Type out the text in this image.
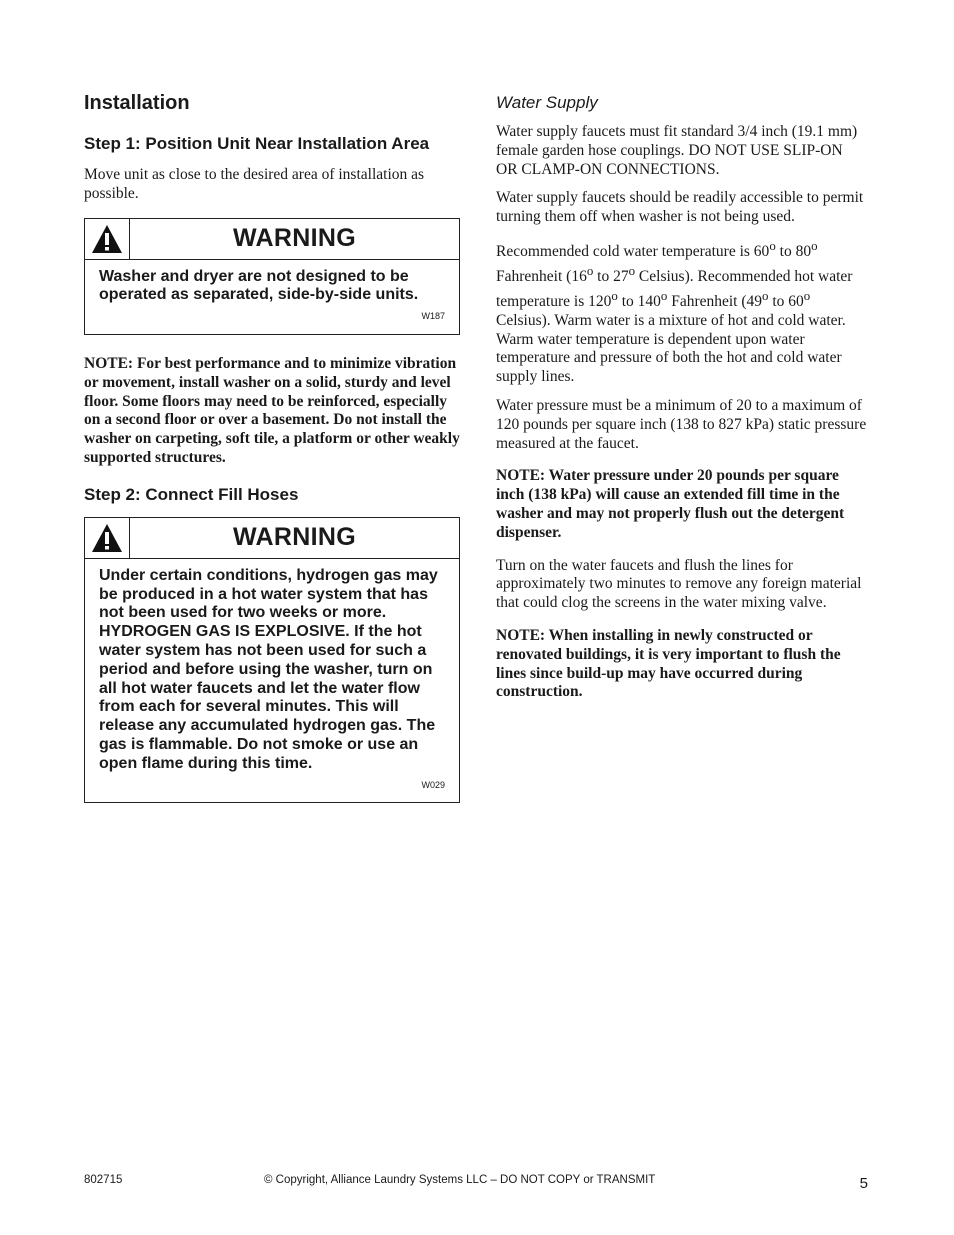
Installation
Step 1: Position Unit Near Installation Area

Move unit as close to the desired area of installation as possible.

WARNING
Washer and dryer are not designed to be operated as separated, side-by-side units.
W187

NOTE: For best performance and to minimize vibration or movement, install washer on a solid, sturdy and level floor. Some floors may need to be reinforced, especially on a second floor or over a basement. Do not install the washer on carpeting, soft tile, a platform or other weakly supported structures.

Step 2: Connect Fill Hoses
WARNING
Under certain conditions, hydrogen gas may be produced in a hot water system that has not been used for two weeks or more. HYDROGEN GAS IS EXPLOSIVE. If the hot water system has not been used for such a period and before using the washer, turn on all hot water faucets and let the water flow from each for several minutes. This will release any accumulated hydrogen gas. The gas is flammable. Do not smoke or use an open flame during this time.
W029
Water Supply

Water supply faucets must fit standard 3/4 inch (19.1 mm) female garden hose couplings. DO NOT USE SLIP-ON OR CLAMP-ON CONNECTIONS.

Water supply faucets should be readily accessible to permit turning them off when washer is not being used.

Recommended cold water temperature is 60$^o$ to 80$^o$ Fahrenheit (16$^o$ to 27$^o$ Celsius). Recommended hot water temperature is 120$^o$ to 140$^o$ Fahrenheit (49$^o$ to 60$^o$ Celsius). Warm water is a mixture of hot and cold water. Warm water temperature is dependent upon water temperature and pressure of both the hot and cold water supply lines.

Water pressure must be a minimum of 20 to a maximum of 120 pounds per square inch (138 to 827 kPa) static pressure measured at the faucet.

NOTE: Water pressure under 20 pounds per square inch (138 kPa) will cause an extended fill time in the washer and may not properly flush out the detergent dispenser.

Turn on the water faucets and flush the lines for approximately two minutes to remove any foreign material that could clog the screens in the water mixing valve.

NOTE: When installing in newly constructed or renovated buildings, it is very important to flush the lines since build-up may have occurred during construction.

802715	© Copyright, Alliance Laundry Systems LLC – DO NOT COPY or TRANSMIT	5
